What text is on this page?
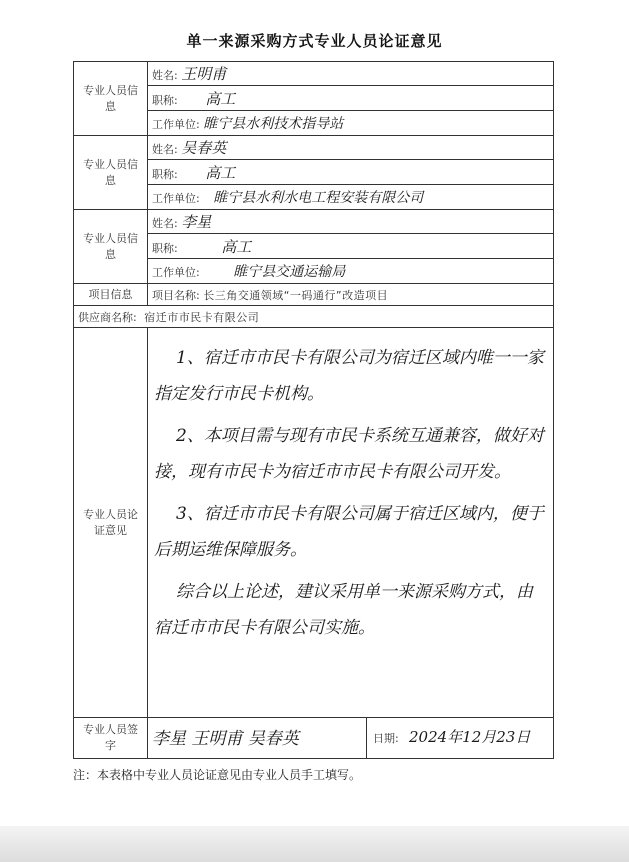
单一来源采购方式专业人员论证意见
专业人员信息	姓名: 王明甫
	职称: 高工
	工作单位: 睢宁县水利技术指导站
专业人员信息	姓名: 吴春英
	职称: 高工
	工作单位: 睢宁县水利水电工程安装有限公司
专业人员信息	姓名: 李星
	职称: 高工
	工作单位: 睢宁县交通运输局
项目信息	项目名称: 长三角交通领域“一码通行”改造项目
供应商名称: 宿迁市市民卡有限公司	
专业人员论证意见	1、宿迁市市民卡有限公司为宿迁区域内唯一一家指定发行市民卡机构。

2、本项目需与现有市民卡系统互通兼容，做好对接，现有市民卡为宿迁市市民卡有限公司开发。

3、宿迁市市民卡有限公司属于宿迁区域内，便于后期运维保障服务。

综合以上论述，建议采用单一来源采购方式，由宿迁市市民卡有限公司实施。

专业人员签字	李星 王明甫 吴春英 日期: 2024年12月23日
注：本表格中专业人员论证意见由专业人员手工填写。
